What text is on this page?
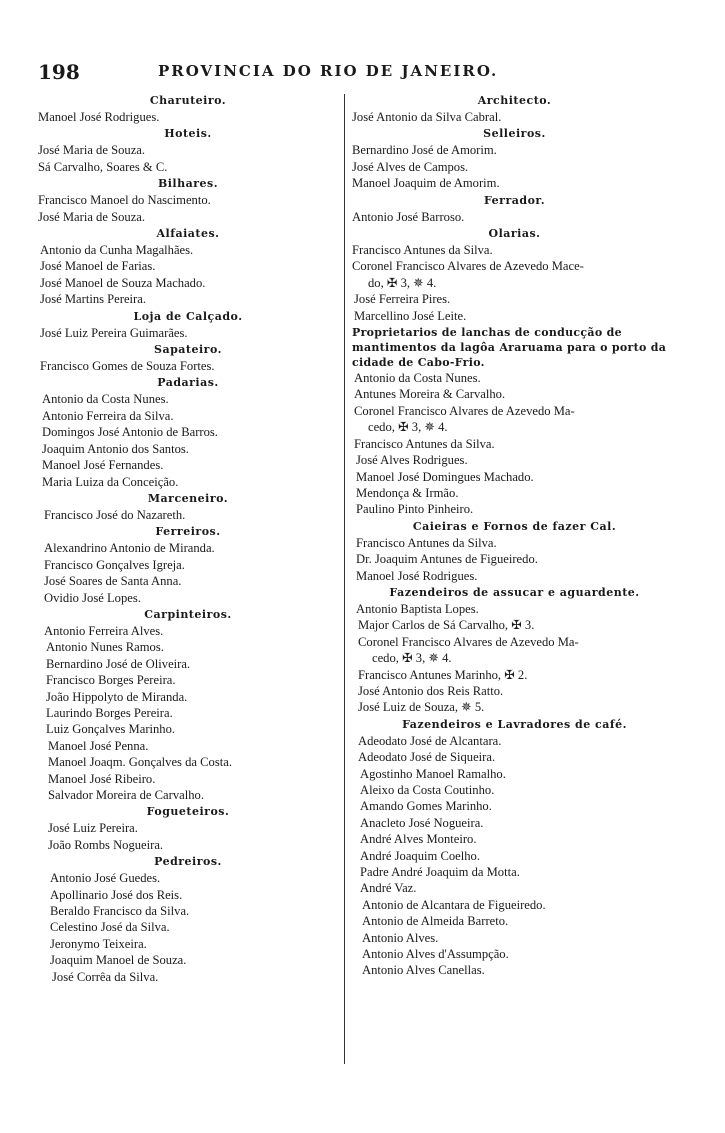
198	PROVINCIA DO RIO DE JANEIRO.
Charuteiro.
Manoel José Rodrigues.
Hoteis.
José Maria de Souza.
Sá Carvalho, Soares & C.
Bilhares.
Francisco Manoel do Nascimento.
José Maria de Souza.
Alfaiates.
Antonio da Cunha Magalhães.
José Manoel de Farias.
José Manoel de Souza Machado.
José Martins Pereira.
Loja de Calçado.
José Luiz Pereira Guimarães.
Sapateiro.
Francisco Gomes de Souza Fortes.
Padarias.
Antonio da Costa Nunes.
Antonio Ferreira da Silva.
Domingos José Antonio de Barros.
Joaquim Antonio dos Santos.
Manoel José Fernandes.
Maria Luiza da Conceição.
Marceneiro.
Francisco José do Nazareth.
Ferreiros.
Alexandrino Antonio de Miranda.
Francisco Gonçalves Igreja.
José Soares de Santa Anna.
Ovidio José Lopes.
Carpinteiros.
Antonio Ferreira Alves.
Antonio Nunes Ramos.
Bernardino José de Oliveira.
Francisco Borges Pereira.
João Hippolyto de Miranda.
Laurindo Borges Pereira.
Luiz Gonçalves Marinho.
Manoel José Penna.
Manoel Joaqm. Gonçalves da Costa.
Manoel José Ribeiro.
Salvador Moreira de Carvalho.
Fogueteiros.
José Luiz Pereira.
João Rombs Nogueira.
Pedreiros.
Antonio José Guedes.
Apollinario José dos Reis.
Beraldo Francisco da Silva.
Celestino José da Silva.
Jeronymo Teixeira.
Joaquim Manoel de Souza.
José Corrêa da Silva.
Architecto.
José Antonio da Silva Cabral.
Selleiros.
Bernardino José de Amorim.
José Alves de Campos.
Manoel Joaquim de Amorim.
Ferrador.
Antonio José Barroso.
Olarias.
Francisco Antunes da Silva.
Coronel Francisco Alvares de Azevedo Mace-
do, ✠ 3, ✵ 4.
José Ferreira Pires.
Marcellino José Leite.
Proprietarios de lanchas de conducção de mantimentos da lagôa Araruama para o porto da cidade de Cabo-Frio.
Antonio da Costa Nunes.
Antunes Moreira & Carvalho.
Coronel Francisco Alvares de Azevedo Ma-
cedo, ✠ 3, ✵ 4.
Francisco Antunes da Silva.
José Alves Rodrigues.
Manoel José Domingues Machado.
Mendonça & Irmão.
Paulino Pinto Pinheiro.
Caieiras e Fornos de fazer Cal.
Francisco Antunes da Silva.
Dr. Joaquim Antunes de Figueiredo.
Manoel José Rodrigues.
Fazendeiros de assucar e aguardente.
Antonio Baptista Lopes.
Major Carlos de Sá Carvalho, ✠ 3.
Coronel Francisco Alvares de Azevedo Ma-
cedo, ✠ 3, ✵ 4.
Francisco Antunes Marinho, ✠ 2.
José Antonio dos Reis Ratto.
José Luiz de Souza, ✵ 5.
Fazendeiros e Lavradores de café.
Adeodato José de Alcantara.
Adeodato José de Siqueira.
Agostinho Manoel Ramalho.
Aleixo da Costa Coutinho.
Amando Gomes Marinho.
Anacleto José Nogueira.
André Alves Monteiro.
André Joaquim Coelho.
Padre André Joaquim da Motta.
André Vaz.
Antonio de Alcantara de Figueiredo.
Antonio de Almeida Barreto.
Antonio Alves.
Antonio Alves d'Assumpção.
Antonio Alves Canellas.
